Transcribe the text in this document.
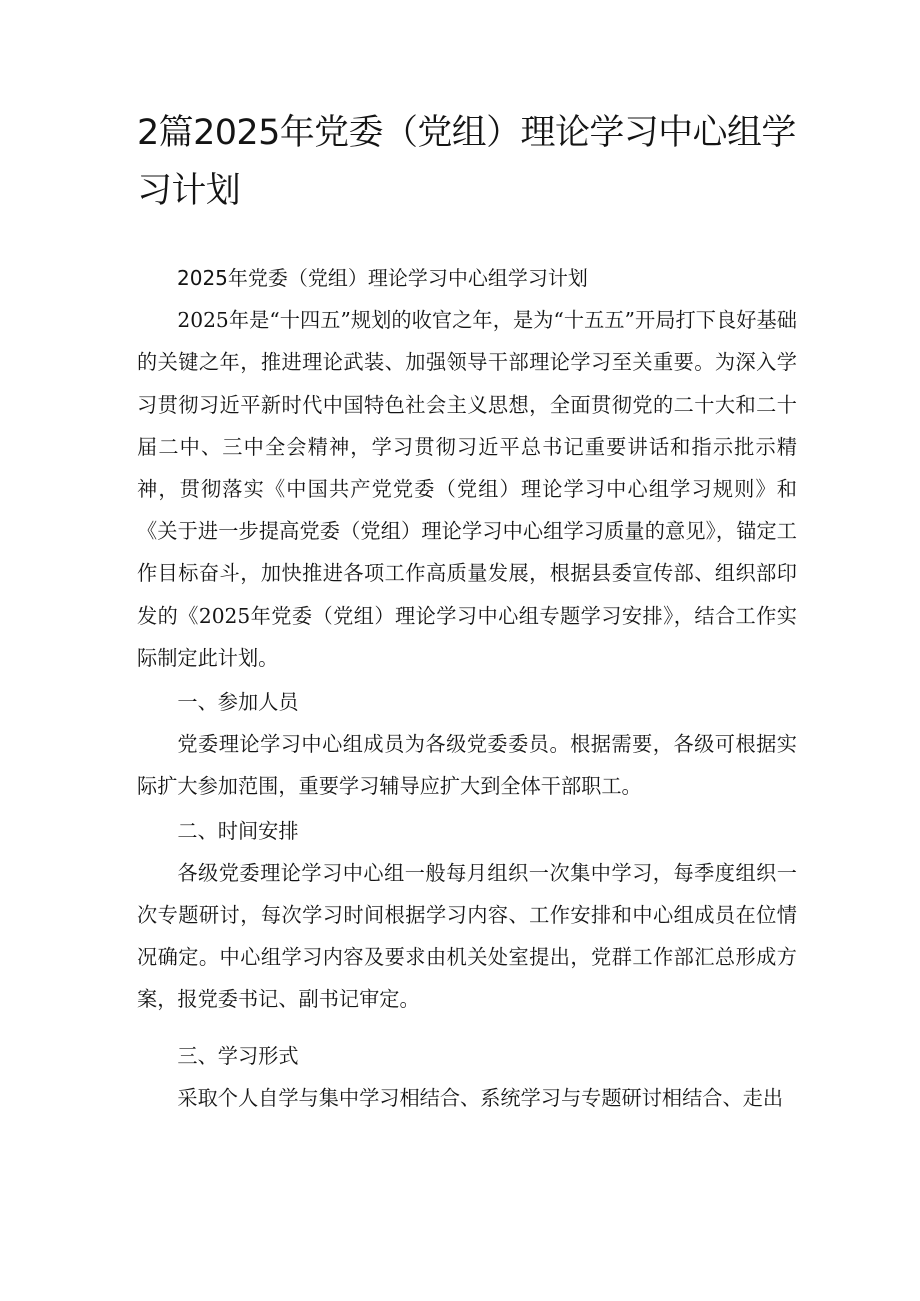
2篇2025年党委（党组）理论学习中心组学习计划

2025年党委（党组）理论学习中心组学习计划

2025年是“十四五”规划的收官之年，是为“十五五”开局打下良好基础的关键之年，推进理论武装、加强领导干部理论学习至关重要。为深入学习贯彻习近平新时代中国特色社会主义思想，全面贯彻党的二十大和二十届二中、三中全会精神，学习贯彻习近平总书记重要讲话和指示批示精神，贯彻落实《中国共产党党委（党组）理论学习中心组学习规则》和《关于进一步提高党委（党组）理论学习中心组学习质量的意见》，锚定工作目标奋斗，加快推进各项工作高质量发展，根据县委宣传部、组织部印发的《2025年党委（党组）理论学习中心组专题学习安排》，结合工作实际制定此计划。

一、参加人员

党委理论学习中心组成员为各级党委委员。根据需要，各级可根据实际扩大参加范围，重要学习辅导应扩大到全体干部职工。

二、时间安排

各级党委理论学习中心组一般每月组织一次集中学习，每季度组织一次专题研讨，每次学习时间根据学习内容、工作安排和中心组成员在位情况确定。中心组学习内容及要求由机关处室提出，党群工作部汇总形成方案，报党委书记、副书记审定。

三、学习形式

采取个人自学与集中学习相结合、系统学习与专题研讨相结合、走出
